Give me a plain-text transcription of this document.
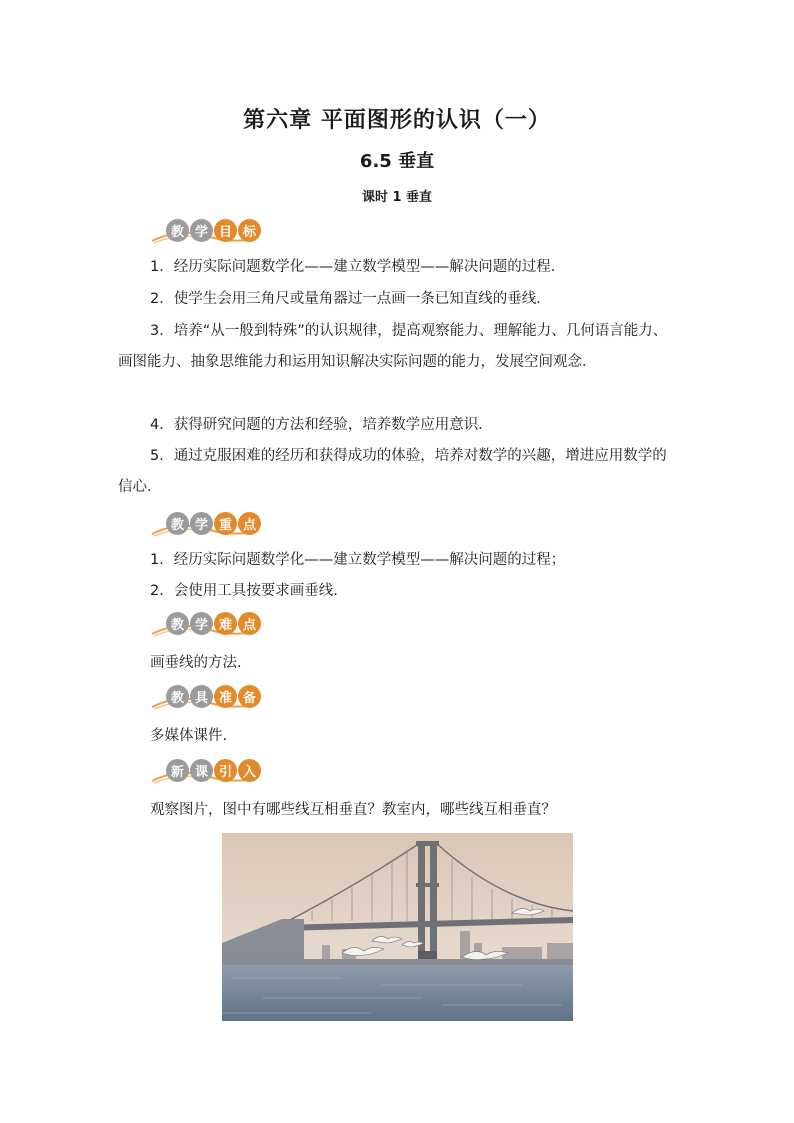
第六章 平面图形的认识（一）
6.5 垂直
课时 1 垂直
教 学 目 标

1．经历实际问题数学化——建立数学模型——解决问题的过程．

2．使学生会用三角尺或量角器过一点画一条已知直线的垂线．

3．培养“从一般到特殊”的认识规律，提高观察能力、理解能力、几何语言能力、画图能力、抽象思维能力和运用知识解决实际问题的能力，发展空间观念．

4．获得研究问题的方法和经验，培养数学应用意识．

5．通过克服困难的经历和获得成功的体验，培养对数学的兴趣，增进应用数学的信心．

教 学 重 点

1．经历实际问题数学化——建立数学模型——解决问题的过程；

2．会使用工具按要求画垂线.

教 学 难 点

画垂线的方法.

教 具 准 备

多媒体课件.

新 课 引 入

观察图片，图中有哪些线互相垂直？教室内，哪些线互相垂直？
